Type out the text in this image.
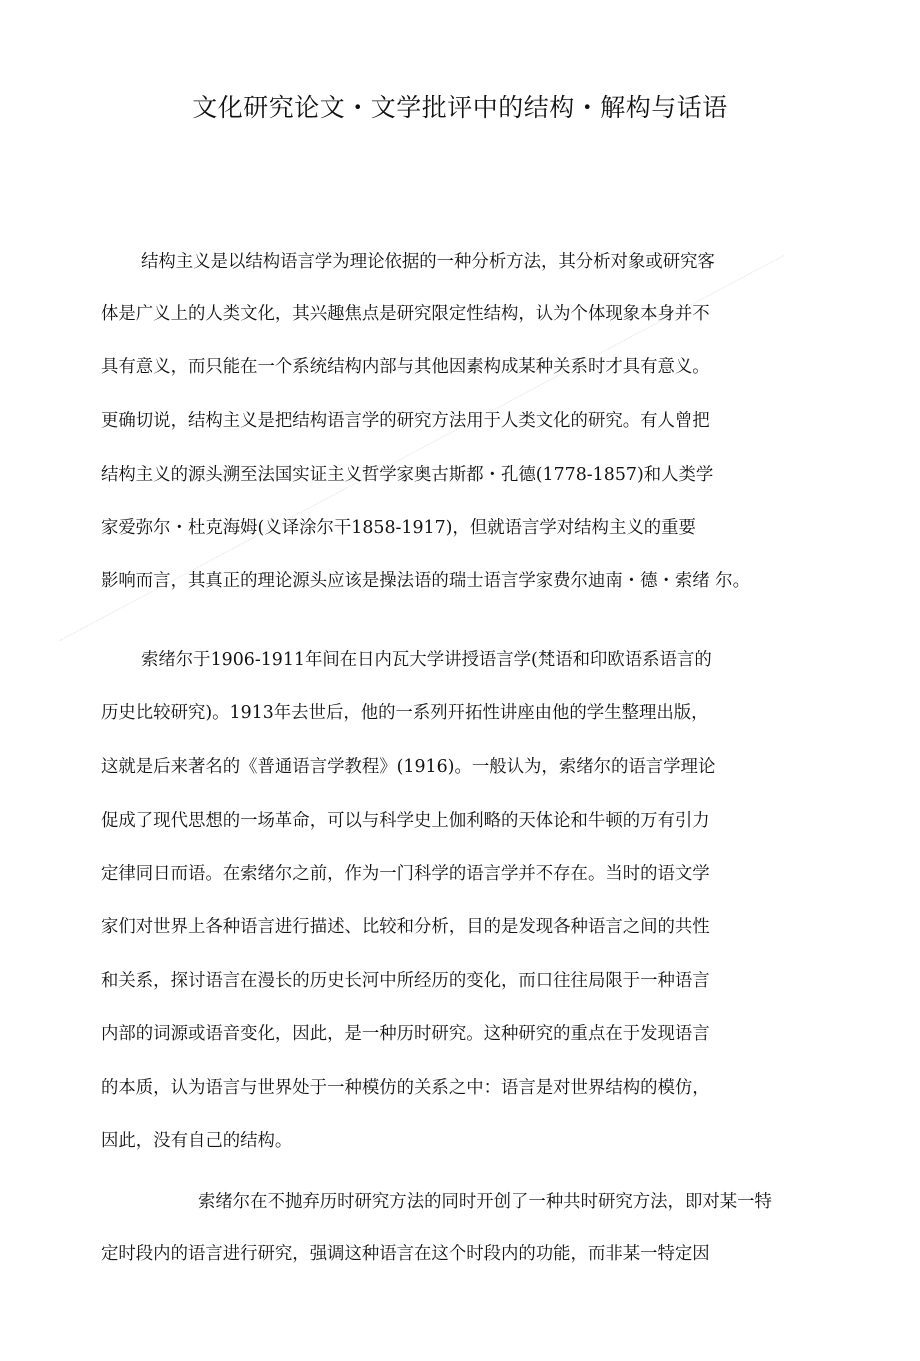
文化研究论文・文学批评中的结构・解构与话语
结构主义是以结构语言学为理论依据的一种分析方法，其分析对象或研究客
体是广义上的人类文化，其兴趣焦点是研究限定性结构，认为个体现象本身并不
具有意义，而只能在一个系统结构内部与其他因素构成某种关系时才具有意义。
更确切说，结构主义是把结构语言学的研究方法用于人类文化的研究。有人曾把
结构主义的源头溯至法国实证主义哲学家奥古斯都・孔德(1778-1857)和人类学
家爱弥尔・杜克海姆(义译涂尔干1858-1917)，但就语言学对结构主义的重要
影响而言，其真正的理论源头应该是操法语的瑞士语言学家费尔迪南・德・索绪 尔。
索绪尔于1906-1911年间在日内瓦大学讲授语言学(梵语和印欧语系语言的
历史比较研究)。1913年去世后，他的一系列幵拓性讲座由他的学生整理出版，
这就是后来著名的《普通语言学教程》(1916)。一般认为，索绪尔的语言学理论
促成了现代思想的一场革命，可以与科学史上伽利略的天体论和牛顿的万有引力
定律同日而语。在索绪尔之前，作为一门科学的语言学并不存在。当时的语文学
家们对世界上各种语言进行描述、比较和分析，目的是发现各种语言之间的共性
和关系，探讨语言在漫长的历史长河中所经历的变化，而口往往局限于一种语言
内部的词源或语音变化，因此，是一种历时研究。这种研究的重点在于发现语言
的本质，认为语言与世界处于一种模仿的关系之中：语言是对世界结构的模仿，
因此，没有自己的结构。
索绪尔在不抛弃历时研究方法的同时开创了一种共时研究方法，即对某一特
定时段内的语言进行研究，强调这种语言在这个时段内的功能，而非某一特定因
